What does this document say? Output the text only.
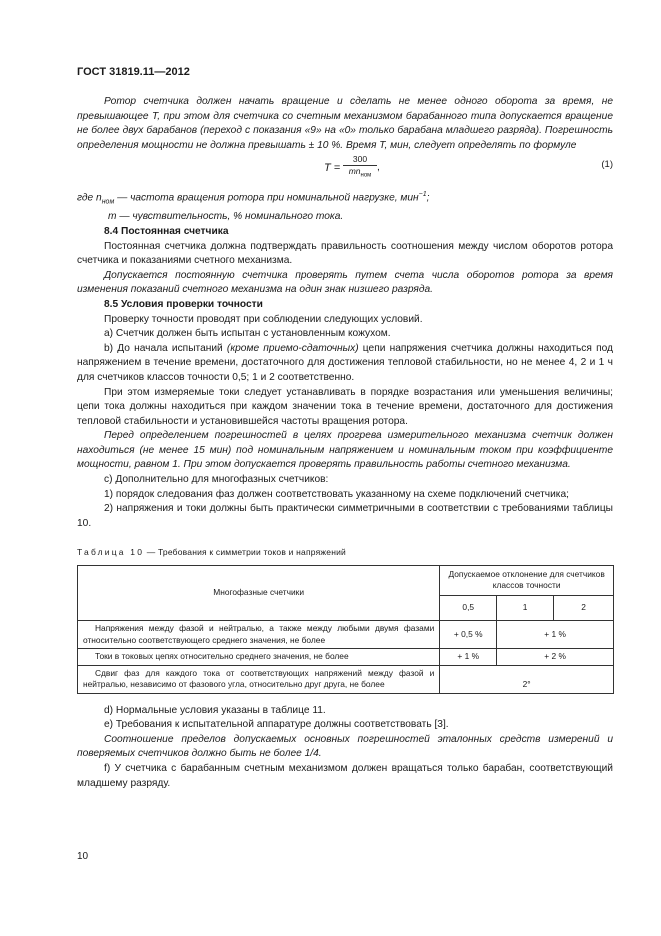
ГОСТ 31819.11—2012

Ротор счетчика должен начать вращение и сделать не менее одного оборота за время, не превышающее T, при этом для счетчика со счетным механизмом барабанного типа допускается вращение не более двух барабанов (переход с показания «9» на «0» только барабана младшего разряда). Погрешность определения мощности не должна превышать ± 10 %. Время T, мин, следует определять по формуле

T =
300
$mn_{ном}$
,	(1)

где $n_{ном}$ — частота вращения ротора при номинальной нагрузке, мин$^{-1}$;

m — чувствительность, % номинального тока.

8.4 Постоянная счетчика

Постоянная счетчика должна подтверждать правильность соотношения между числом оборотов ротора счетчика и показаниями счетного механизма.

Допускается постоянную счетчика проверять путем счета числа оборотов ротора за время изменения показаний счетного механизма на один знак низшего разряда.

8.5 Условия проверки точности

Проверку точности проводят при соблюдении следующих условий.

a) Счетчик должен быть испытан с установленным кожухом.

b) До начала испытаний (кроме приемо-сдаточных) цепи напряжения счетчика должны находиться под напряжением в течение времени, достаточного для достижения тепловой стабильности, но не менее 4, 2 и 1 ч для счетчиков классов точности 0,5; 1 и 2 соответственно.

При этом измеряемые токи следует устанавливать в порядке возрастания или уменьшения величины; цепи тока должны находиться при каждом значении тока в течение времени, достаточного для достижения тепловой стабильности и установившейся частоты вращения ротора.

Перед определением погрешностей в целях прогрева измерительного механизма счетчик должен находиться (не менее 15 мин) под номинальным напряжением и номинальным током при коэффициенте мощности, равном 1. При этом допускается проверять правильность работы счетного механизма.

c) Дополнительно для многофазных счетчиков:

1) порядок следования фаз должен соответствовать указанному на схеме подключений счетчика;

2) напряжения и токи должны быть практически симметричными в соответствии с требованиями таблицы 10.

Таблица 10 — Требования к симметрии токов и напряжений
Многофазные счетчики	Допускаемое отклонение для счетчиков классов точности		
	0,5	1	2
Напряжения между фазой и нейтралью, а также между любыми двумя фазами относительно соответствующего среднего значения, не более	+ 0,5 %	+ 1 %	
Токи в токовых цепях относительно среднего значения, не более	+ 1 %	+ 2 %	
Сдвиг фаз для каждого тока от соответствующих напряжений между фазой и нейтралью, независимо от фазового угла, относительно друг друга, не более	2°		

d) Нормальные условия указаны в таблице 11.

e) Требования к испытательной аппаратуре должны соответствовать [3].

Соотношение пределов допускаемых основных погрешностей эталонных средств измерений и поверяемых счетчиков должно быть не более 1/4.

f) У счетчика с барабанным счетным механизмом должен вращаться только барабан, соответствующий младшему разряду.

10
